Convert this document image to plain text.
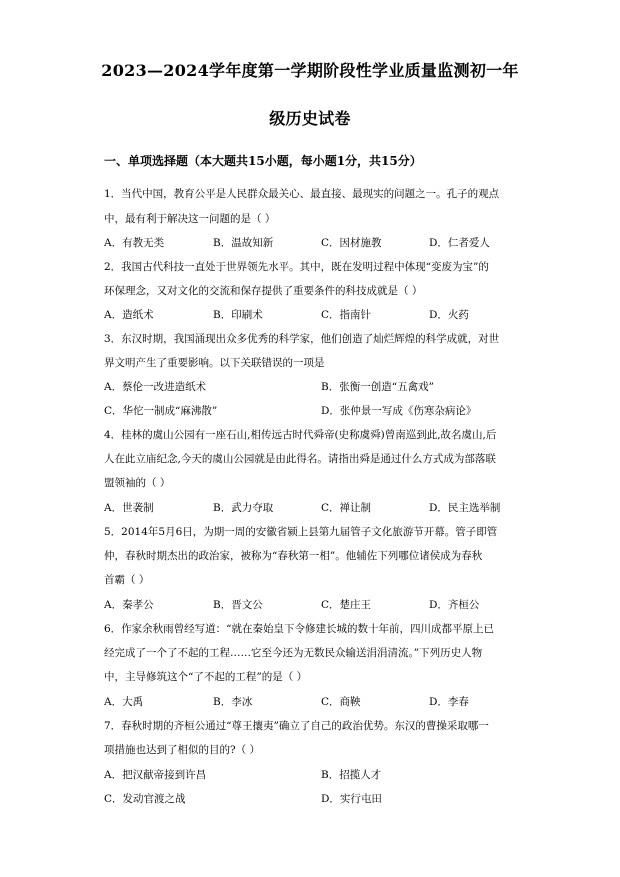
2023—2024学年度第一学期阶段性学业质量监测初一年
级历史试卷
一、单项选择题（本大题共15小题，每小题1分，共15分）
1．当代中国，教育公平是人民群众最关心、最直接、最现实的问题之一。孔子的观点
中，最有利于解决这一问题的是（ ）
A．有教无类	B．温故知新	C．因材施教	D．仁者爱人
2．我国古代科技一直处于世界领先水平。其中，既在发明过程中体现“变废为宝”的
环保理念，又对文化的交流和保存提供了重要条件的科技成就是（ ）
A．造纸术	B．印刷术	C．指南针	D．火药
3．东汉时期，我国涌现出众多优秀的科学家，他们创造了灿烂辉煌的科学成就，对世
界文明产生了重要影响。以下关联错误的一项是
A．蔡伦一改进造纸术	B．张衡一创造“五禽戏”
C．华佗一制成“麻沸散”	D．张仲景一写成《伤寒杂病论》
4．桂林的虞山公园有一座石山,相传远古时代舜帝(史称虞舜)曾南巡到此,故名虞山,后
人在此立庙纪念,今天的虞山公园就是由此得名。请指出舜是通过什么方式成为部落联
盟领袖的（ ）
A．世袭制	B．武力夺取	C．禅让制	D．民主选举制
5．2014年5月6日，为期一周的安徽省颍上县第九届管子文化旅游节开幕。管子即管
仲，春秋时期杰出的政治家，被称为“春秋第一相”。他辅佐下列哪位诸侯成为春秋
首霸（ ）
A．秦孝公	B．晋文公	C．楚庄王	D．齐桓公
6．作家余秋雨曾经写道：“就在秦始皇下令修建长城的数十年前，四川成都平原上已
经完成了一个了不起的工程……它至今还为无数民众输送涓涓清流。”下列历史人物
中，主导修筑这个“了不起的工程”的是（ ）
A．大禹	B．李冰	C．商鞅	D．李春
7．春秋时期的齐桓公通过“尊王攘夷”确立了自己的政治优势。东汉的曹操采取哪一
项措施也达到了相似的目的?（ ）
A．把汉献帝接到许昌	B．招揽人才
C．发动官渡之战	D．实行屯田
